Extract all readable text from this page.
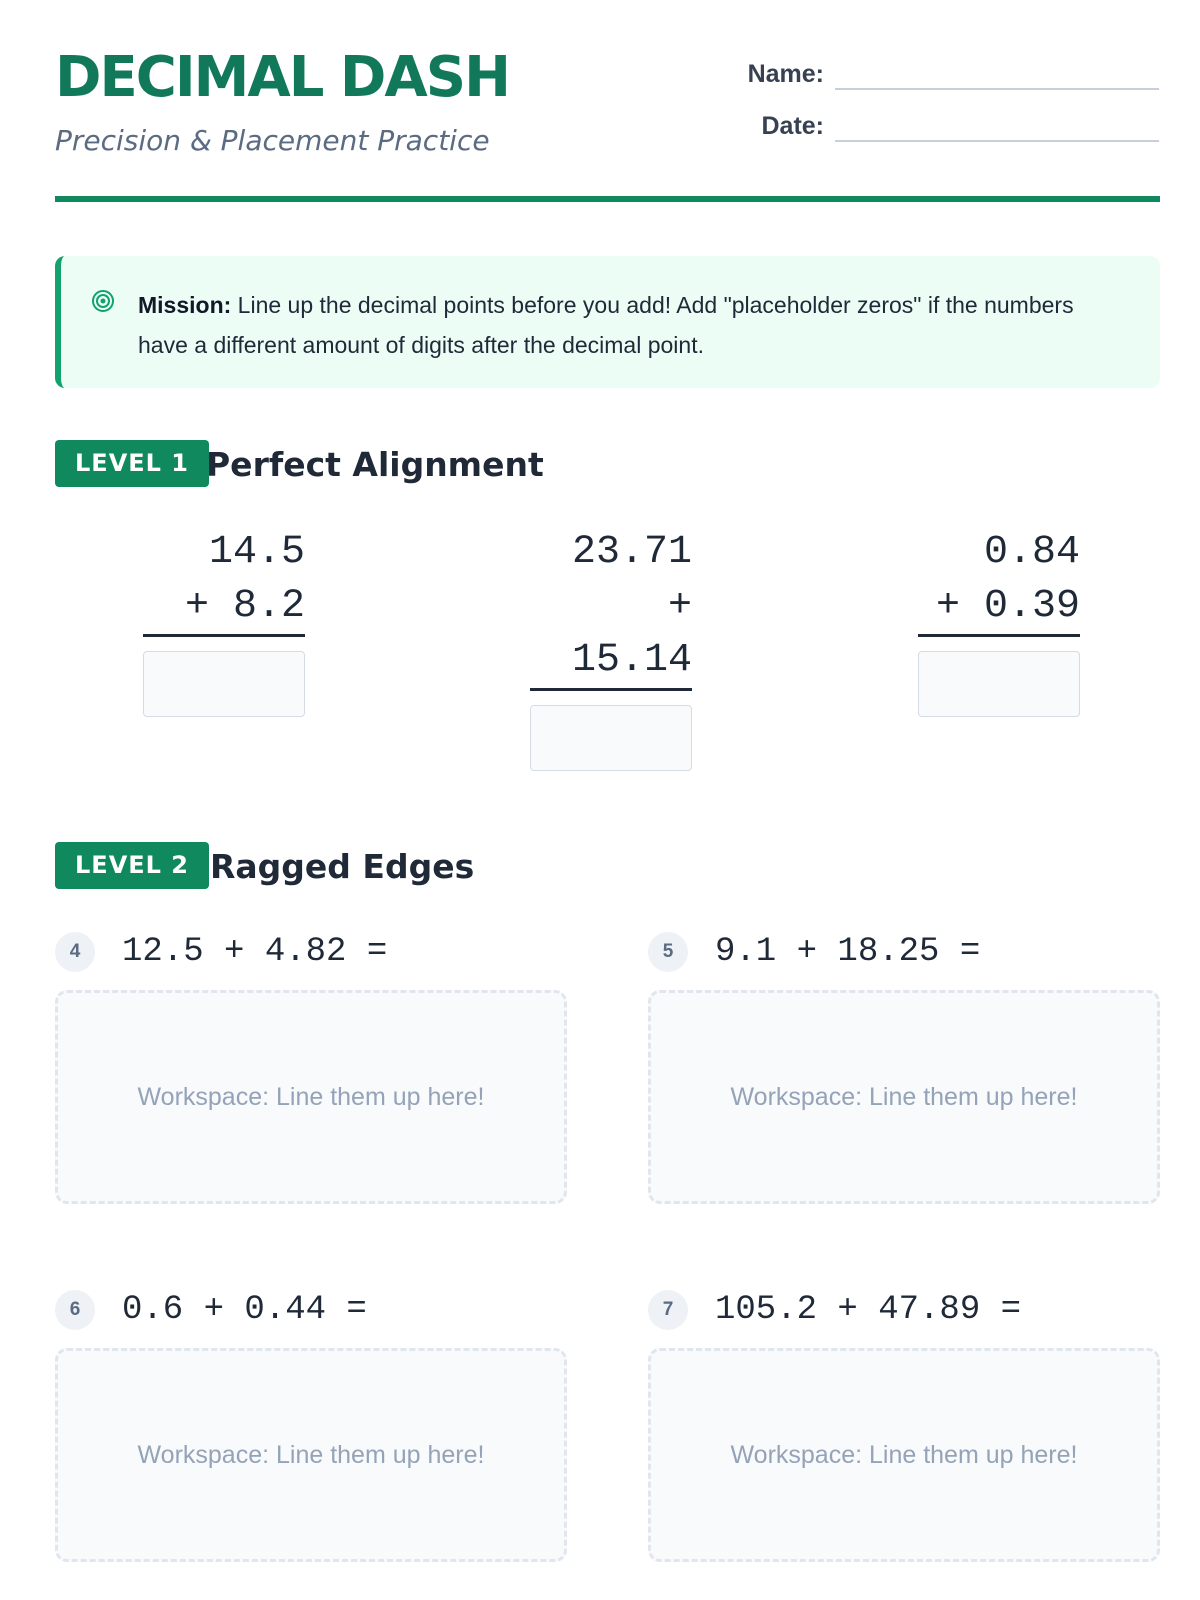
DECIMAL DASH
Precision & Placement Practice
Name:
Date:
Mission: Line up the decimal points before you add! Add "placeholder zeros" if the numbers have a different amount of digits after the decimal point.
LEVEL 1 Perfect Alignment
14.5
+ 8.2
23.71
+
15.14
0.84
+ 0.39
LEVEL 2 Ragged Edges
4	12.5 + 4.82 =
Workspace: Line them up here!
5	9.1 + 18.25 =
Workspace: Line them up here!
6	0.6 + 0.44 =
Workspace: Line them up here!
7	105.2 + 47.89 =
Workspace: Line them up here!
